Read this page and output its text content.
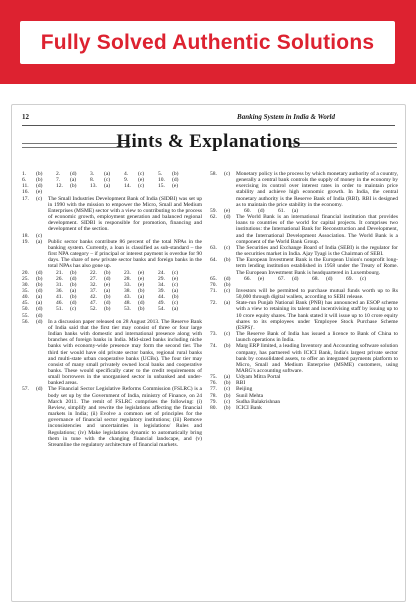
Fully Solved Authentic Solutions
12	Banking System in India & World
Hints & Explanations
1.	(b)	2.	(d)	3.	(a)	4.	(c)	5.	(b)
6.	(b)	7.	(a)	8.	(c)	9.	(e)	10.	(d)
11.	(d)	12.	(b)	13.	(a)	14.	(c)	15.	(e)
16.	(e)
17.	(c)	The Small Industries Development Bank of India (SIDBI) was set up in 1990 with the mission to empower the Micro, Small and Medium Enterprises (MSME) sector with a view to contributing to the process of economic growth, employment generation and balanced regional development. SIDBI is responsible for promotion, financing and development of the section.
18.	(c)
19.	(a)	Public sector banks contribute 86 percent of the total NPAs in the banking system. Currently, a loan is classified as sub-standard – the first NPA category – if principal or interest payment is overdue for 90 days. The share of new private sector banks and foreign banks in the total NPAs has also gone up.
20.	(d)	21.	(b)	22.	(b)	23.	(e)	24.	(c)
25.	(b)	26.	(d)	27.	(d)	28.	(e)	29.	(e)
30.	(b)	31.	(b)	32.	(e)	33.	(e)	34.	(c)
35.	(d)	36.	(a)	37.	(a)	38.	(b)	39.	(a)
40.	(a)	41.	(b)	42.	(b)	43.	(a)	44.	(b)
45.	(a)	46.	(d)	47.	(d)	48.	(d)	49.	(c)
50.	(d)	51.	(c)	52.	(b)	53.	(b)	54.	(a)
55.	(d)
56.	(d)	In a discussion paper released on 28 August 2013. The Reserve Bank of India said that the first tier may consist of three or four large Indian banks with domestic and international presence along with branches of foreign banks in India. Mid-sized banks including niche banks with economy-wide presence may form the second tier. The third tier would have old private sector banks, regional rural banks and multi-state urban cooperative banks (UCBs). The four tier may consist of many small privately owned local banks and cooperative banks. These would specifically cater to the credit requirements of small borrowers in the unorganised sector in unbanked and under-banked areas.
57.	(d)	The Financial Sector Legislative Reforms Commission (FSLRC) is a body set up by the Government of India, ministry of Finance, on 24 March 2011. The remit of FSLRC comprises the following: (i) Review, simplify and rewrite the legislations affecting the financial markets in India; (ii) Evolve a common set of principles for the governance of financial sector regulatory institutions; (iii) Remove inconsistencies and uncertainties in legislations/ Rules and Regulations; (iv) Make legislations dynamic to automatically bring them in tune with the changing financial landscape, and (v) Streamline the regulatory architecture of financial markets.
58.	(c)	Monetary policy is the process by which monetary authority of a country, generally a central bank controls the supply of money in the economy by exercising its control over interest rates in order to maintain price stability and achieve high economic growth. In India, the central monetary authority is the Reserve Bank of India (RBI). RBI is designed as to maintain the price stability in the economy.
59.	(e)	60.	(d)	61.	(a)
62.	(d)	The World Bank is an international financial institution that provides loans to countries of the world for capital projects. It comprises two institutions: the International Bank for Reconstruction and Development, and the International Development Association. The World Bank is a component of the World Bank Group.
63.	(c)	The Securities and Exchange Board of India (SEBI) is the regulator for the securities market in India. Ajay Tyagi is the Chairman of SEBI.
64.	(b)	The European Investment Bank is the European Union's nonprofit long-term lending institution established in 1958 under the Treaty of Rome. The European Investment Bank is headquartered in Luxembourg.
65.	(d)	66.	(e)	67.	(d)	68.	(d)	69.	(c)
70.	(b)
71.	(c)	Investors will be permitted to purchase mutual funds worth up to Rs 50,000 through digital wallets, according to SEBI release.
72.	(a)	State-run Punjab National Bank (PNB) has announced an ESOP scheme with a view to retaining its talent and incentivising staff by issuing up to 10 crore equity shares. The bank stated it will issue up to 10 crore equity shares to its employees under 'Employee Stock Purchase Scheme (ESPS)'.
73.	(c)	The Reserve Bank of India has issued a licence to Bank of China to launch operations in India.
74.	(b)	Marg ERP limited, a leading Inventory and Accounting software solution company, has partnered with ICICI Bank, India's largest private sector bank by consolidated assets, to offer an integrated payments platform to Micro, Small and Medium Enterprise (MSME) customers, using MARG's accounting software.
75.	(a)	Udyam Mitra Portal
76.	(b)	RBI
77.	(c)	Beijing
78.	(b)	Sunil Mehta
79.	(c)	Sudha Balakrishnan
80.	(b)	ICICI Bank
